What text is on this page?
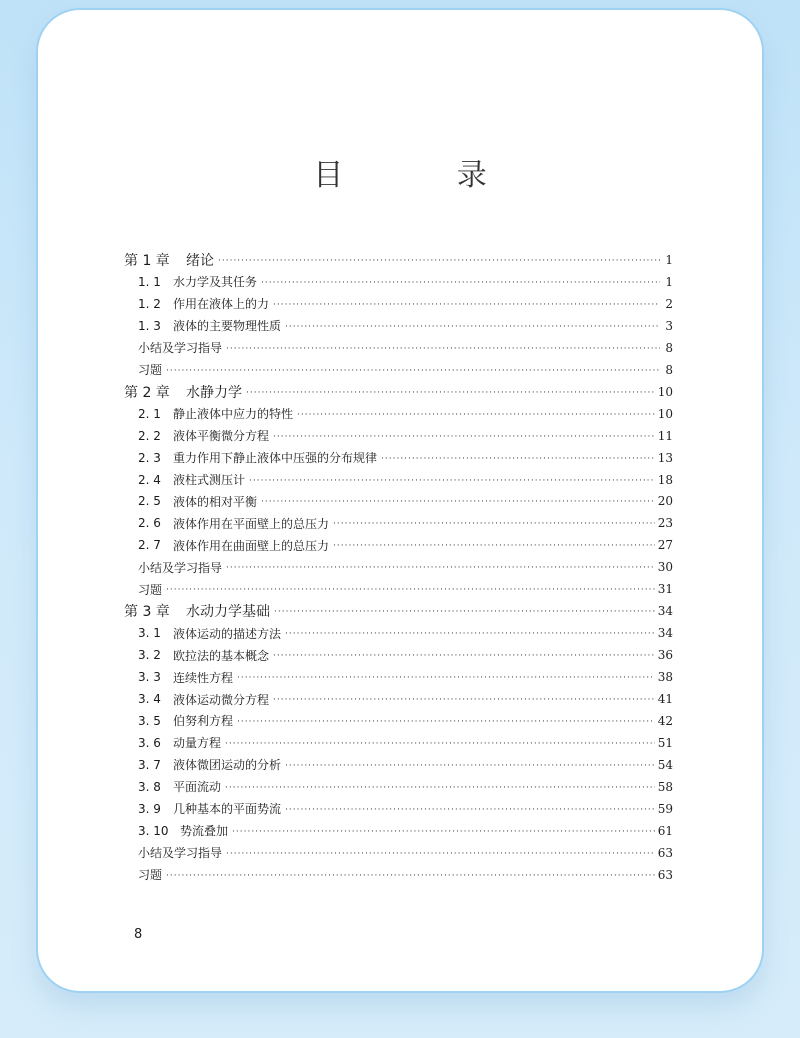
目 录
第 1 章	绪论 ·····	1
1. 1	水力学及其任务 ·····	1
1. 2	作用在液体上的力 ·····	2
1. 3	液体的主要物理性质 ·····	3
小结及学习指导 ·····	8
习题 ·····	8
第 2 章	水静力学 ·····	10
2. 1	静止液体中应力的特性 ·····	10
2. 2	液体平衡微分方程 ·····	11
2. 3	重力作用下静止液体中压强的分布规律 ·····	13
2. 4	液柱式测压计 ·····	18
2. 5	液体的相对平衡 ·····	20
2. 6	液体作用在平面壁上的总压力 ·····	23
2. 7	液体作用在曲面壁上的总压力 ·····	27
小结及学习指导 ·····	30
习题 ·····	31
第 3 章	水动力学基础 ·····	34
3. 1	液体运动的描述方法 ·····	34
3. 2	欧拉法的基本概念 ·····	36
3. 3	连续性方程 ·····	38
3. 4	液体运动微分方程 ·····	41
3. 5	伯努利方程 ·····	42
3. 6	动量方程 ·····	51
3. 7	液体微团运动的分析 ·····	54
3. 8	平面流动 ·····	58
3. 9	几种基本的平面势流 ·····	59
3. 10 势流叠加 ·····	61
小结及学习指导 ·····	63
习题 ·····	63
8
